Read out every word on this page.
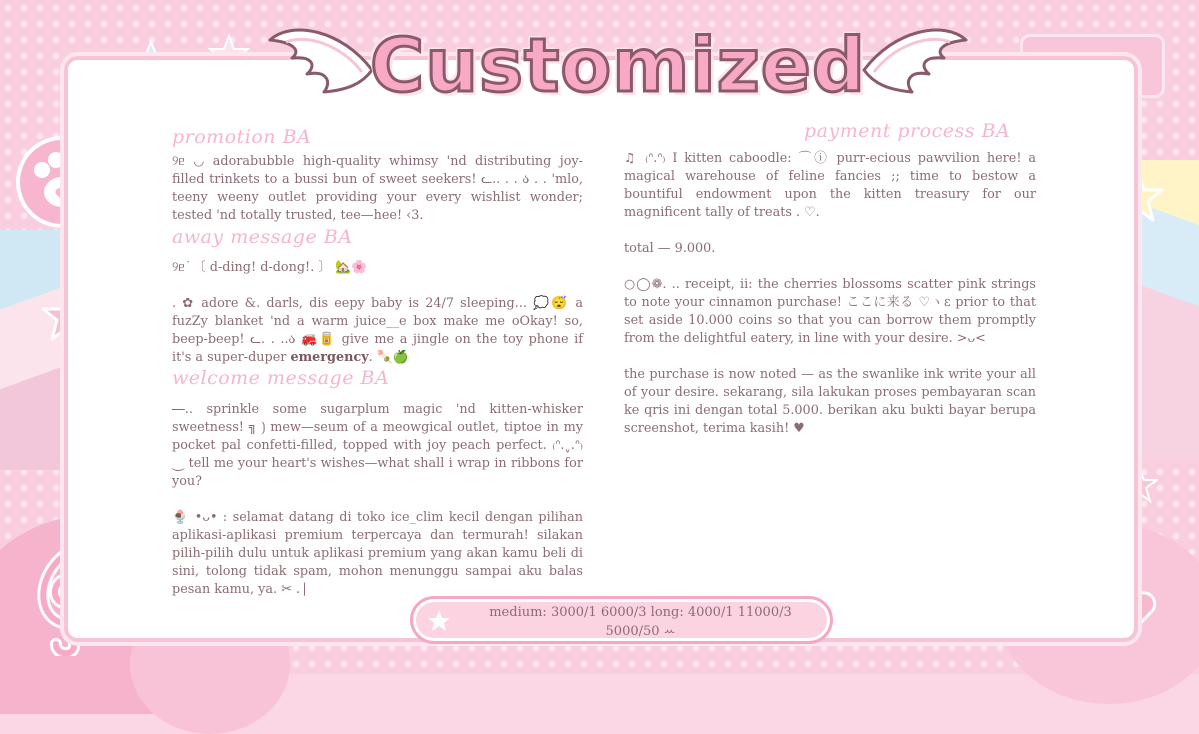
Customized
promotion BA

୨ᥱ ◡ adorabubble high-quality whimsy 'nd distributing joy-filled trinkets to a bussi bun of sweet seekers! ᓚ.. . . ა . . 'mlo, teeny weeny outlet providing your every wishlist wonder; tested 'nd totally trusted, tee—hee! ‹3.

away message BA

୨ᥱ ͘ 〔 d-ding! d-dong!. 〕 🏡🌸

. ✿ adore &. darls, dis eepy baby is 24/7 sleeping... 💭😴 a fuzZy blanket 'nd a warm juice__e box make me oOkay! so, beep-beep! ᓚ. . ..ა 🚒🥫 give me a jingle on the toy phone if it's a super-duper emergency. 🍡🍏

welcome message BA

⎯⎯.. sprinkle some sugarplum magic 'nd kitten-whisker sweetness! ╗ ⟯ mew—seum of a meowgical outlet, tiptoe in my pocket pal confetti-filled, topped with joy peach perfect. ₍ᐢ.ˬ.ᐢ₎ ⏝ tell me your heart's wishes—what shall i wrap in ribbons for you?

🍨 •ᴗ• : selamat datang di toko ice_clim kecil dengan pilihan aplikasi-aplikasi premium terpercaya dan termurah! silakan pilih-pilih dulu untuk aplikasi premium yang akan kamu beli di sini, tolong tidak spam, mohon menunggu sampai aku balas pesan kamu, ya. ✂︎ . ⎸

payment process BA

♫ ₍ᐢ.ᐢ₎ I kitten caboodle: ⌒ⓘ purr-ecious pawvilion here! a magical warehouse of feline fancies ;; time to bestow a bountiful endowment upon the kitten treasury for our magnificent tally of treats . ♡.

total — 9.000.

○◯❁. .. receipt, ii: the cherries blossoms scatter pink strings to note your cinnamon purchase! ここに来る ♡ヽε prior to that set aside 10.000 coins so that you can borrow them promptly from the delightful eatery, in line with your desire. >ᴗ<

the purchase is now noted — as the swanlike ink write your all of your desire. sekarang, sila lakukan proses pembayaran scan ke qris ini dengan total 5.000. berikan aku bukti bayar berupa screenshot, terima kasih! ♥

medium: 3000/1 6000/3 long: 4000/1 11000/3
5000/50 ꕀ
